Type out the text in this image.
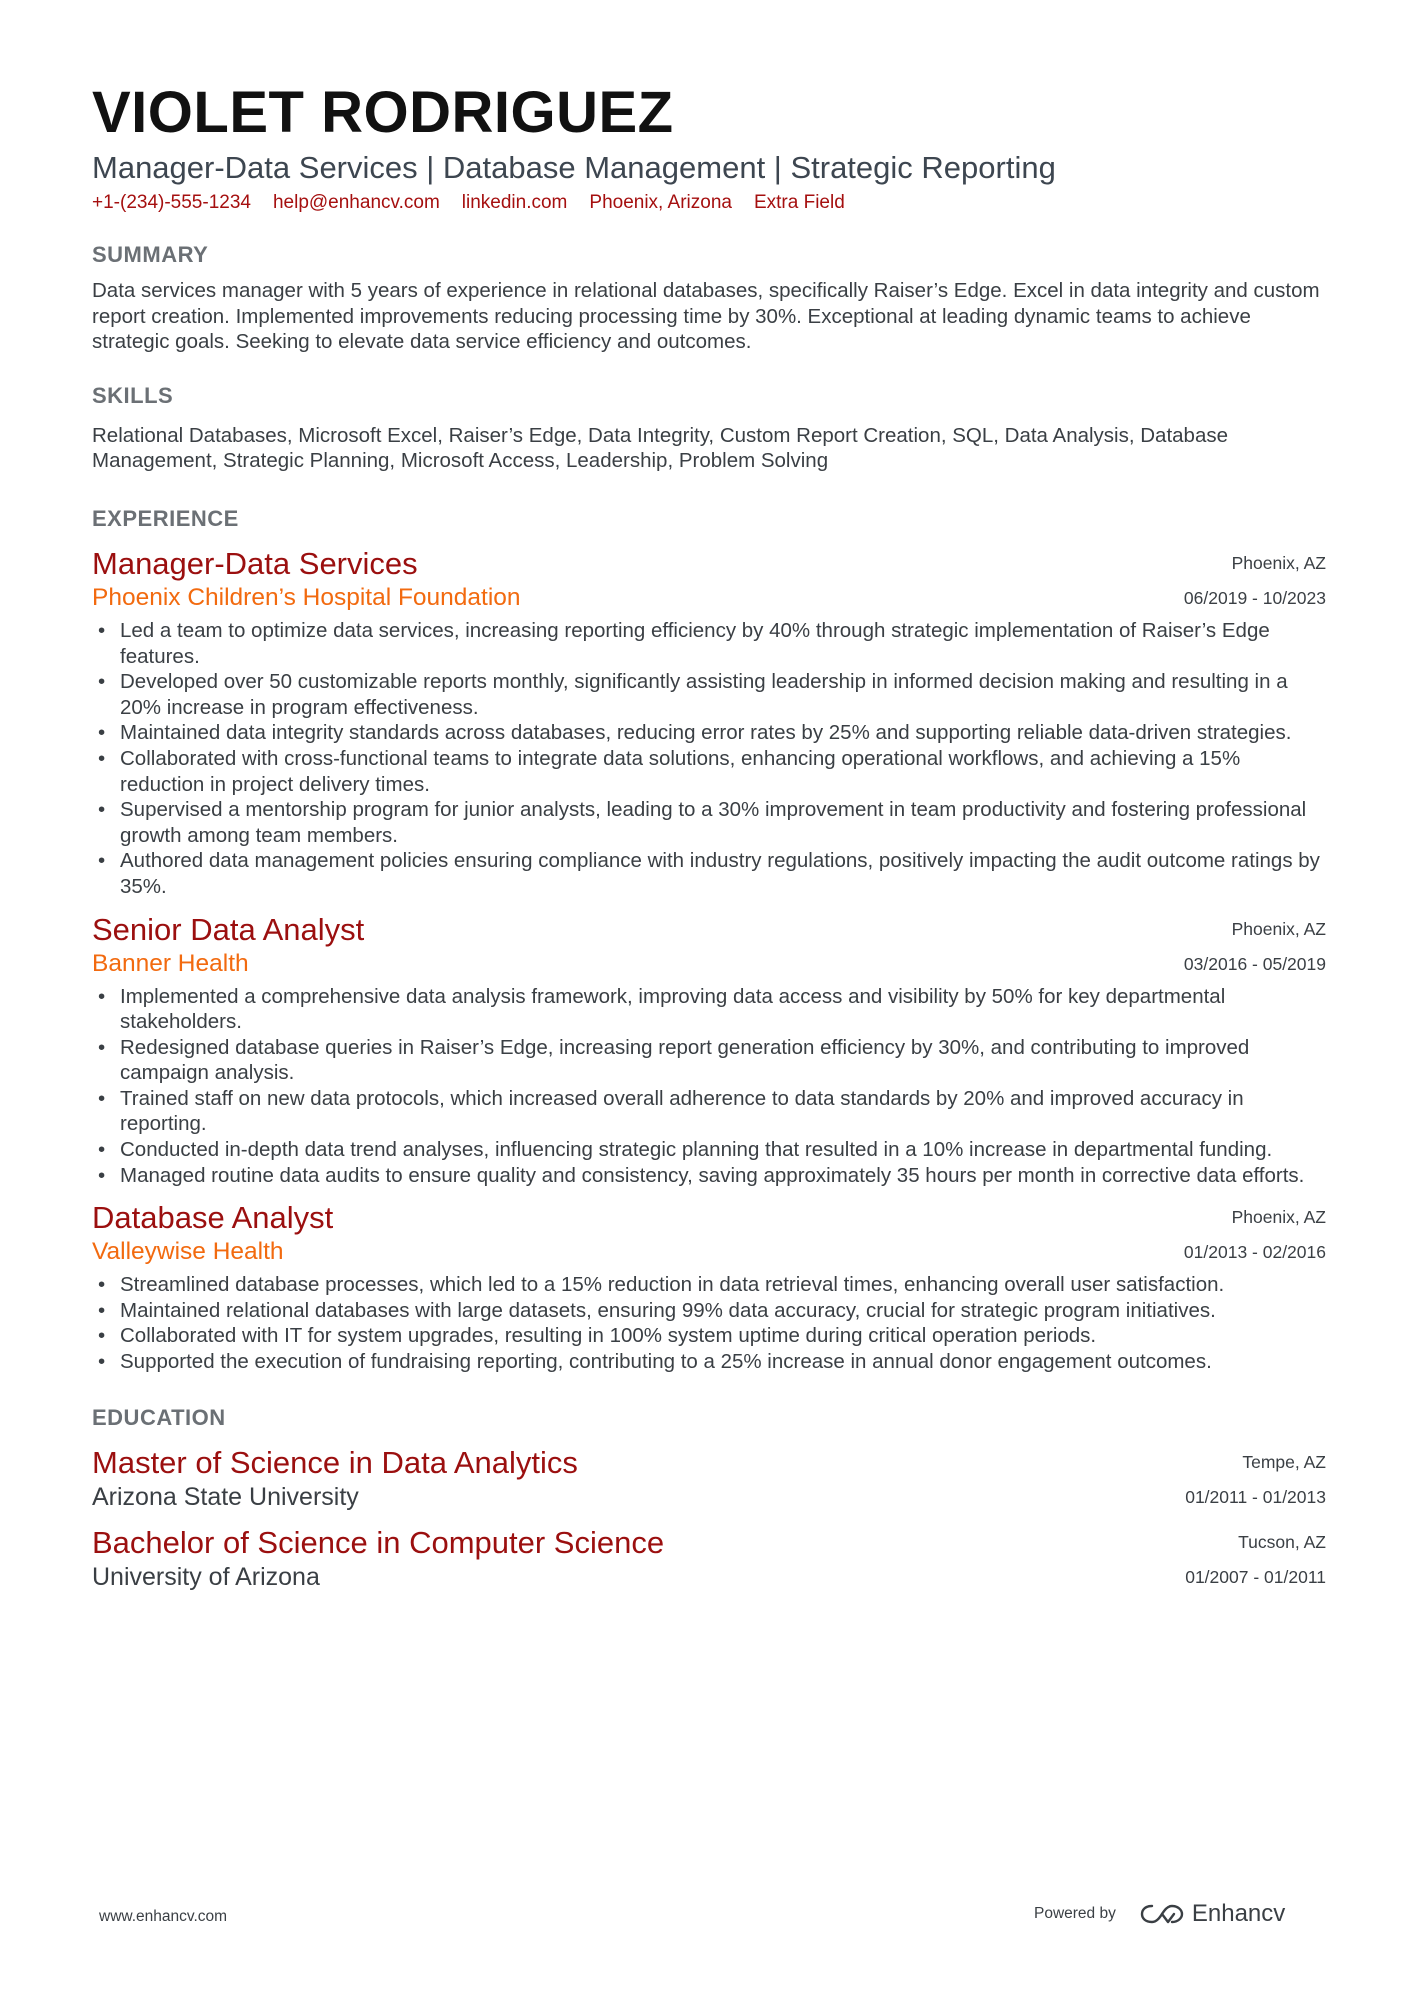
VIOLET RODRIGUEZ
Manager-Data Services | Database Management | Strategic Reporting
+1-(234)-555-1234 help@enhancv.com linkedin.com Phoenix, Arizona Extra Field
SUMMARY
Data services manager with 5 years of experience in relational databases, specifically Raiser’s Edge. Excel in data integrity and custom report creation. Implemented improvements reducing processing time by 30%. Exceptional at leading dynamic teams to achieve strategic goals. Seeking to elevate data service efficiency and outcomes.
SKILLS
Relational Databases, Microsoft Excel, Raiser’s Edge, Data Integrity, Custom Report Creation, SQL, Data Analysis, Database Management, Strategic Planning, Microsoft Access, Leadership, Problem Solving
EXPERIENCE
Manager-Data Services
Phoenix Children’s Hospital Foundation
Phoenix, AZ
06/2019 - 10/2023
• Led a team to optimize data services, increasing reporting efficiency by 40% through strategic implementation of Raiser’s Edge features.
• Developed over 50 customizable reports monthly, significantly assisting leadership in informed decision making and resulting in a 20% increase in program effectiveness.
• Maintained data integrity standards across databases, reducing error rates by 25% and supporting reliable data-driven strategies.
• Collaborated with cross-functional teams to integrate data solutions, enhancing operational workflows, and achieving a 15% reduction in project delivery times.
• Supervised a mentorship program for junior analysts, leading to a 30% improvement in team productivity and fostering professional growth among team members.
• Authored data management policies ensuring compliance with industry regulations, positively impacting the audit outcome ratings by 35%.
Senior Data Analyst
Banner Health
Phoenix, AZ
03/2016 - 05/2019
• Implemented a comprehensive data analysis framework, improving data access and visibility by 50% for key departmental stakeholders.
• Redesigned database queries in Raiser’s Edge, increasing report generation efficiency by 30%, and contributing to improved campaign analysis.
• Trained staff on new data protocols, which increased overall adherence to data standards by 20% and improved accuracy in reporting.
• Conducted in-depth data trend analyses, influencing strategic planning that resulted in a 10% increase in departmental funding.
• Managed routine data audits to ensure quality and consistency, saving approximately 35 hours per month in corrective data efforts.
Database Analyst
Valleywise Health
Phoenix, AZ
01/2013 - 02/2016
• Streamlined database processes, which led to a 15% reduction in data retrieval times, enhancing overall user satisfaction.
• Maintained relational databases with large datasets, ensuring 99% data accuracy, crucial for strategic program initiatives.
• Collaborated with IT for system upgrades, resulting in 100% system uptime during critical operation periods.
• Supported the execution of fundraising reporting, contributing to a 25% increase in annual donor engagement outcomes.
EDUCATION
Master of Science in Data Analytics
Arizona State University
Tempe, AZ
01/2011 - 01/2013
Bachelor of Science in Computer Science
University of Arizona
Tucson, AZ
01/2007 - 01/2011
www.enhancv.com	Powered by	Enhancv
